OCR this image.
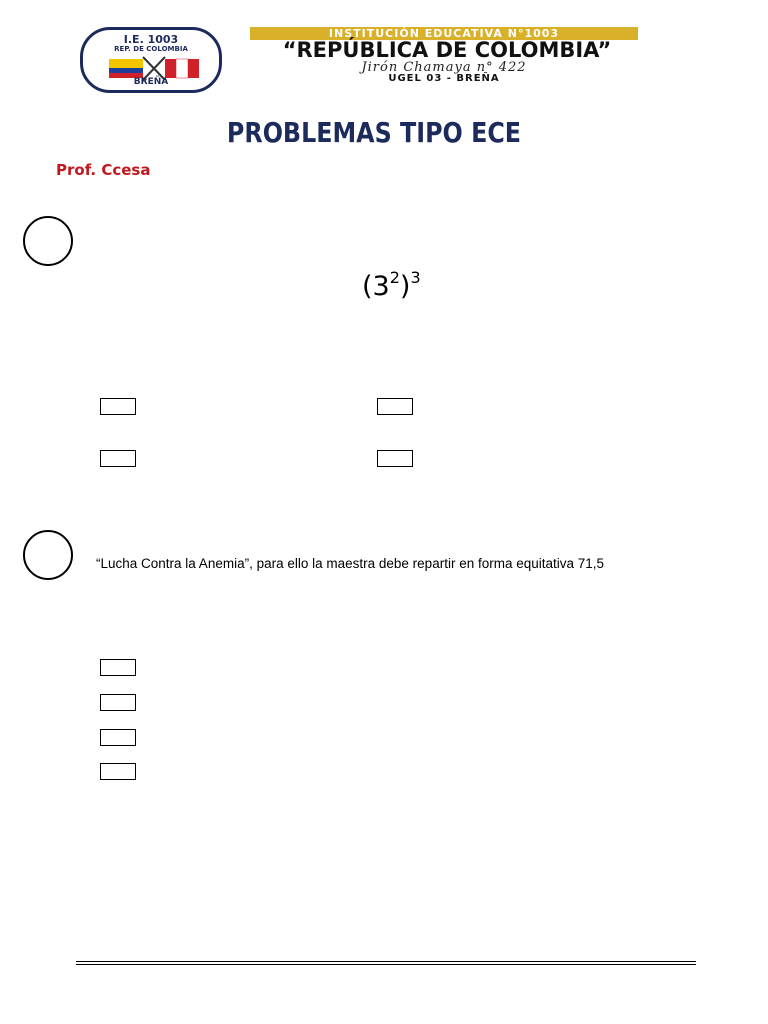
I.E. 1003
REP. DE COLOMBIA
BREÑA
INSTITUCIÓN EDUCATIVA N°1003
“REPÚBLICA DE COLOMBIA”
Jirón Chamaya n° 422
UGEL 03 - BREÑA
PROBLEMAS TIPO ECE
Prof. Ccesa
$(3^2)^3$
“Lucha Contra la Anemia”, para ello la maestra debe repartir en forma equitativa 71,5
